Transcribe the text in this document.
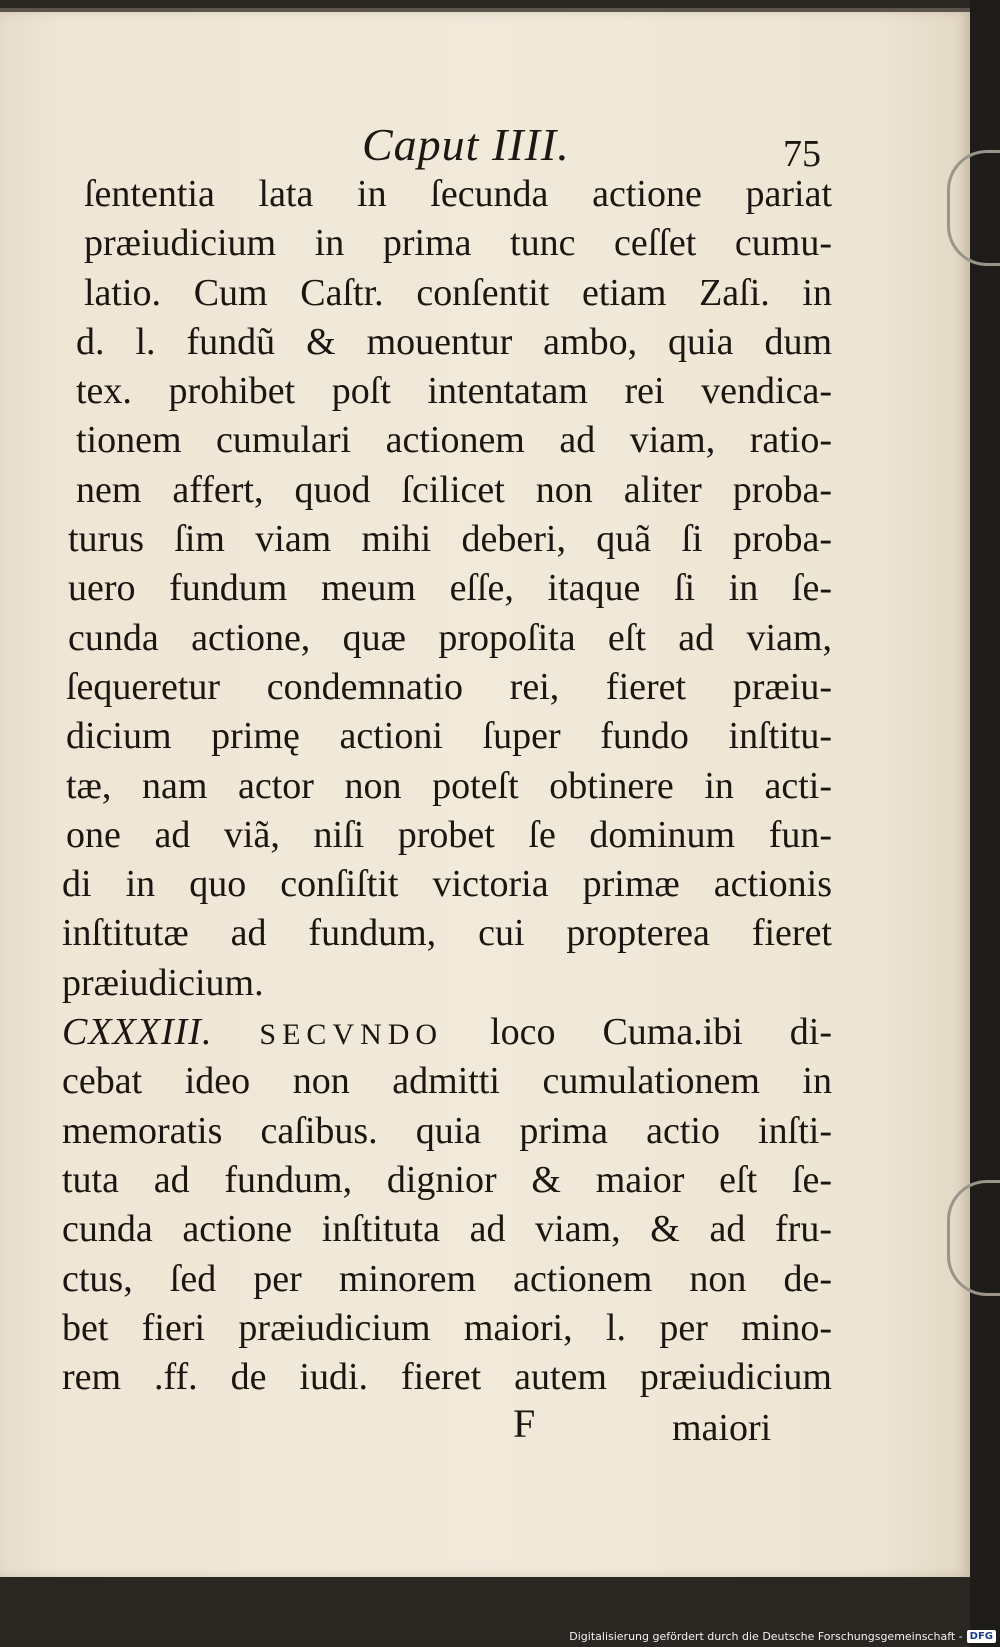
Caput IIII.	75
ſententia lata in ſecunda actione pariat
præiudicium in prima tunc ceſſet cumu-
latio. Cum Caſtr. conſentit etiam Zaſi. in
d. l. fundũ & mouentur ambo, quia dum
tex. prohibet poſt intentatam rei vendica-
tionem cumulari actionem ad viam, ratio-
nem affert, quod ſcilicet non aliter proba-
turus ſim viam mihi deberi, quã ſi proba-
uero fundum meum eſſe, itaque ſi in ſe-
cunda actione, quæ propoſita eſt ad viam,
ſequeretur condemnatio rei, fieret præiu-
dicium primę actioni ſuper fundo inſtitu-
tæ, nam actor non poteſt obtinere in acti-
one ad viã, niſi probet ſe dominum fun-
di in quo conſiſtit victoria primæ actionis
inſtitutæ ad fundum, cui propterea fieret
præiudicium.
CXXXIII. SECVNDO loco Cuma.ibi di-
cebat ideo non admitti cumulationem in
memoratis caſibus. quia prima actio inſti-
tuta ad fundum, dignior & maior eſt ſe-
cunda actione inſtituta ad viam, & ad fru-
ctus, ſed per minorem actionem non de-
bet fieri præiudicium maiori, l. per mino-
rem .ff. de iudi. fieret autem præiudicium
F	maiori
Digitalisierung gefördert durch die Deutsche Forschungsgemeinschaft - DFG
